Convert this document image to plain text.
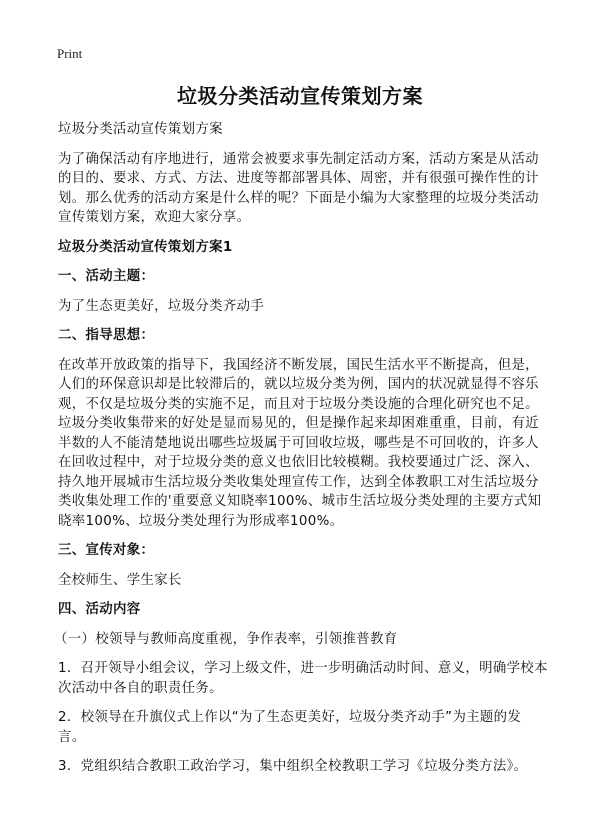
Print
垃圾分类活动宣传策划方案

垃圾分类活动宣传策划方案

为了确保活动有序地进行，通常会被要求事先制定活动方案，活动方案是从活动的目的、要求、方式、方法、进度等都部署具体、周密，并有很强可操作性的计划。那么优秀的活动方案是什么样的呢？下面是小编为大家整理的垃圾分类活动宣传策划方案，欢迎大家分享。

垃圾分类活动宣传策划方案1

一、活动主题：

为了生态更美好，垃圾分类齐动手

二、指导思想：

在改革开放政策的指导下，我国经济不断发展，国民生活水平不断提高，但是，人们的环保意识却是比较滞后的，就以垃圾分类为例，国内的状况就显得不容乐观，不仅是垃圾分类的实施不足，而且对于垃圾分类设施的合理化研究也不足。垃圾分类收集带来的好处是显而易见的，但是操作起来却困难重重，目前，有近半数的人不能清楚地说出哪些垃圾属于可回收垃圾，哪些是不可回收的，许多人在回收过程中，对于垃圾分类的意义也依旧比较模糊。我校要通过广泛、深入、持久地开展城市生活垃圾分类收集处理宣传工作，达到全体教职工对生活垃圾分类收集处理工作的'重要意义知晓率100%、城市生活垃圾分类处理的主要方式知晓率100%、垃圾分类处理行为形成率100%。

三、宣传对象：

全校师生、学生家长

四、活动内容

（一）校领导与教师高度重视，争作表率，引领推普教育

1．召开领导小组会议，学习上级文件，进一步明确活动时间、意义，明确学校本次活动中各自的职责任务。

2．校领导在升旗仪式上作以“为了生态更美好，垃圾分类齐动手”为主题的发言。

3．党组织结合教职工政治学习，集中组织全校教职工学习《垃圾分类方法》。
